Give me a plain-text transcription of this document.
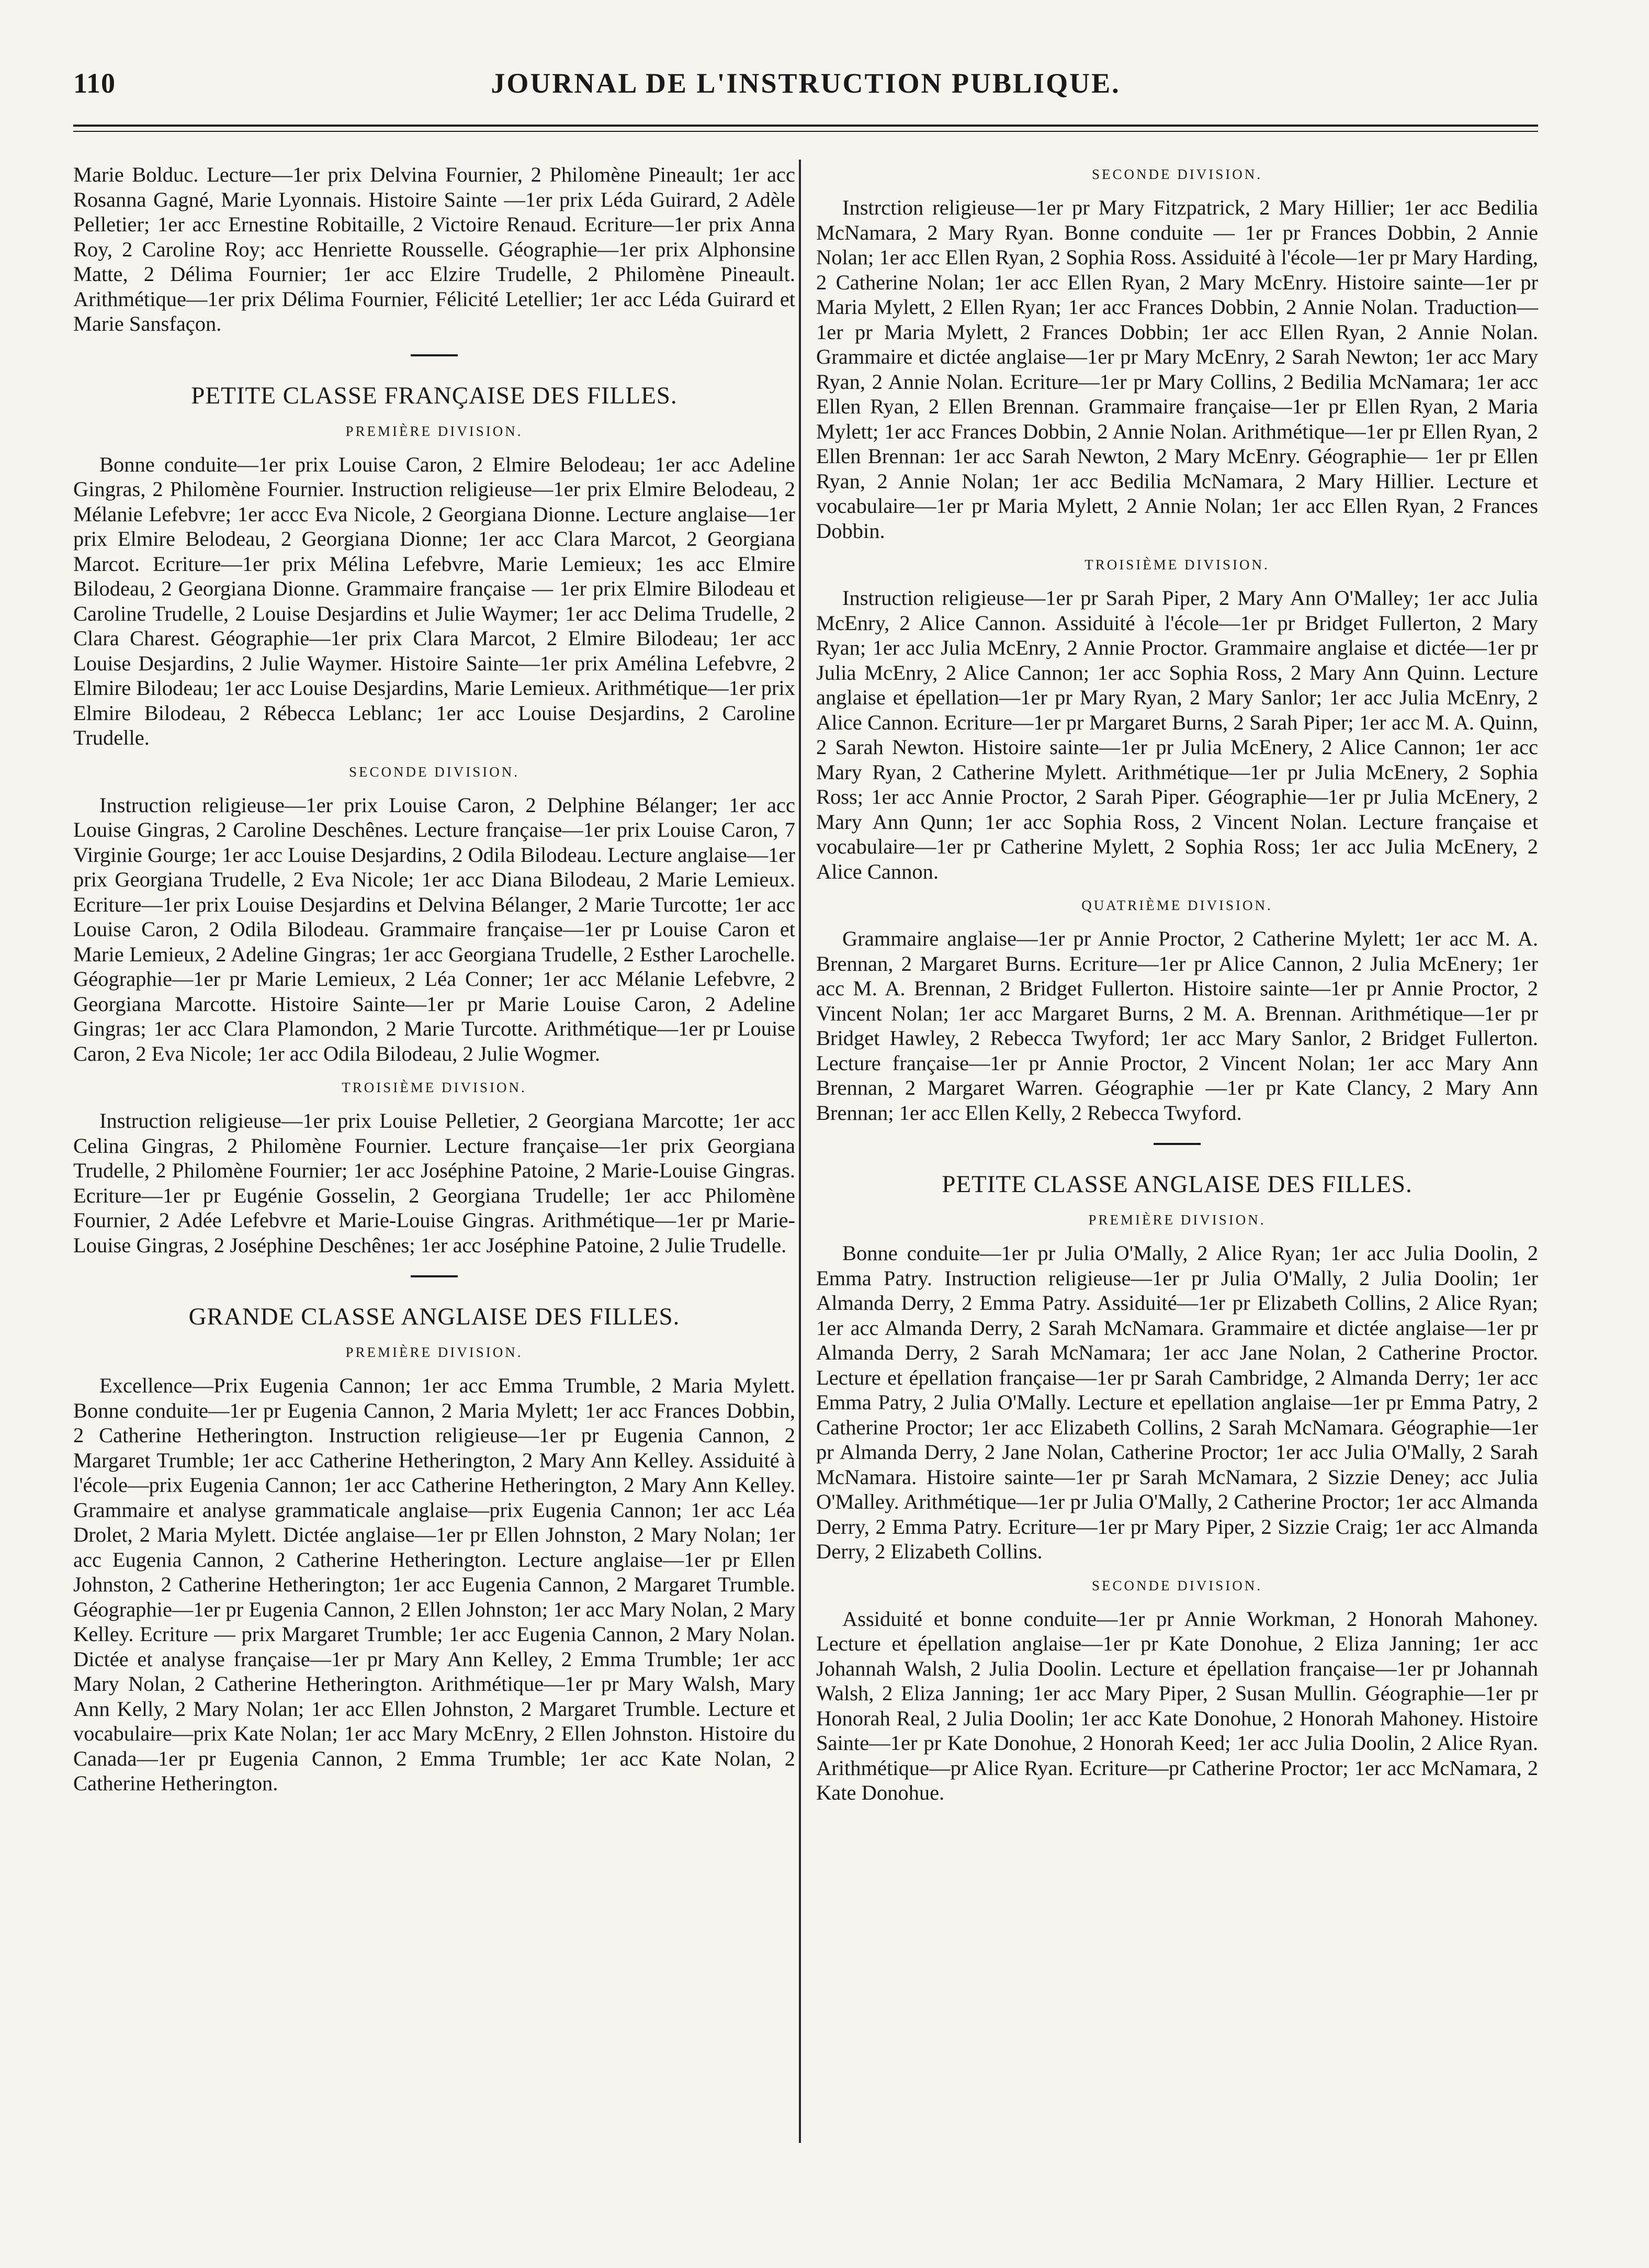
110	JOURNAL DE L'INSTRUCTION PUBLIQUE.

Marie Bolduc. Lecture—1er prix Delvina Fournier, 2 Philomène Pineault; 1er acc Rosanna Gagné, Marie Lyonnais. Histoire Sainte —1er prix Léda Guirard, 2 Adèle Pelletier; 1er acc Ernestine Robitaille, 2 Victoire Renaud. Ecriture—1er prix Anna Roy, 2 Caroline Roy; acc Henriette Rousselle. Géographie—1er prix Alphonsine Matte, 2 Délima Fournier; 1er acc Elzire Trudelle, 2 Philomène Pineault. Arithmétique—1er prix Délima Fournier, Félicité Letellier; 1er acc Léda Guirard et Marie Sansfaçon.

PETITE CLASSE FRANÇAISE DES FILLES.
PREMIÈRE DIVISION.

Bonne conduite—1er prix Louise Caron, 2 Elmire Belodeau; 1er acc Adeline Gingras, 2 Philomène Fournier. Instruction religieuse—1er prix Elmire Belodeau, 2 Mélanie Lefebvre; 1er accc Eva Nicole, 2 Georgiana Dionne. Lecture anglaise—1er prix Elmire Belodeau, 2 Georgiana Dionne; 1er acc Clara Marcot, 2 Georgiana Marcot. Ecriture—1er prix Mélina Lefebvre, Marie Lemieux; 1es acc Elmire Bilodeau, 2 Georgiana Dionne. Grammaire française — 1er prix Elmire Bilodeau et Caroline Trudelle, 2 Louise Desjardins et Julie Waymer; 1er acc Delima Trudelle, 2 Clara Charest. Géographie—1er prix Clara Marcot, 2 Elmire Bilodeau; 1er acc Louise Desjardins, 2 Julie Waymer. Histoire Sainte—1er prix Amélina Lefebvre, 2 Elmire Bilodeau; 1er acc Louise Desjardins, Marie Lemieux. Arithmétique—1er prix Elmire Bilodeau, 2 Rébecca Leblanc; 1er acc Louise Desjardins, 2 Caroline Trudelle.

SECONDE DIVISION.

Instruction religieuse—1er prix Louise Caron, 2 Delphine Bélanger; 1er acc Louise Gingras, 2 Caroline Deschênes. Lecture française—1er prix Louise Caron, 7 Virginie Gourge; 1er acc Louise Desjardins, 2 Odila Bilodeau. Lecture anglaise—1er prix Georgiana Trudelle, 2 Eva Nicole; 1er acc Diana Bilodeau, 2 Marie Lemieux. Ecriture—1er prix Louise Desjardins et Delvina Bélanger, 2 Marie Turcotte; 1er acc Louise Caron, 2 Odila Bilodeau. Grammaire française—1er pr Louise Caron et Marie Lemieux, 2 Adeline Gingras; 1er acc Georgiana Trudelle, 2 Esther Larochelle. Géographie—1er pr Marie Lemieux, 2 Léa Conner; 1er acc Mélanie Lefebvre, 2 Georgiana Marcotte. Histoire Sainte—1er pr Marie Louise Caron, 2 Adeline Gingras; 1er acc Clara Plamondon, 2 Marie Turcotte. Arithmétique—1er pr Louise Caron, 2 Eva Nicole; 1er acc Odila Bilodeau, 2 Julie Wogmer.

TROISIÈME DIVISION.

Instruction religieuse—1er prix Louise Pelletier, 2 Georgiana Marcotte; 1er acc Celina Gingras, 2 Philomène Fournier. Lecture française—1er prix Georgiana Trudelle, 2 Philomène Fournier; 1er acc Joséphine Patoine, 2 Marie-Louise Gingras. Ecriture—1er pr Eugénie Gosselin, 2 Georgiana Trudelle; 1er acc Philomène Fournier, 2 Adée Lefebvre et Marie-Louise Gingras. Arithmétique—1er pr Marie-Louise Gingras, 2 Joséphine Deschênes; 1er acc Joséphine Patoine, 2 Julie Trudelle.

GRANDE CLASSE ANGLAISE DES FILLES.
PREMIÈRE DIVISION.

Excellence—Prix Eugenia Cannon; 1er acc Emma Trumble, 2 Maria Mylett. Bonne conduite—1er pr Eugenia Cannon, 2 Maria Mylett; 1er acc Frances Dobbin, 2 Catherine Hetherington. Instruction religieuse—1er pr Eugenia Cannon, 2 Margaret Trumble; 1er acc Catherine Hetherington, 2 Mary Ann Kelley. Assiduité à l'école—prix Eugenia Cannon; 1er acc Catherine Hetherington, 2 Mary Ann Kelley. Grammaire et analyse grammaticale anglaise—prix Eugenia Cannon; 1er acc Léa Drolet, 2 Maria Mylett. Dictée anglaise—1er pr Ellen Johnston, 2 Mary Nolan; 1er acc Eugenia Cannon, 2 Catherine Hetherington. Lecture anglaise—1er pr Ellen Johnston, 2 Catherine Hetherington; 1er acc Eugenia Cannon, 2 Margaret Trumble. Géographie—1er pr Eugenia Cannon, 2 Ellen Johnston; 1er acc Mary Nolan, 2 Mary Kelley. Ecriture — prix Margaret Trumble; 1er acc Eugenia Cannon, 2 Mary Nolan. Dictée et analyse française—1er pr Mary Ann Kelley, 2 Emma Trumble; 1er acc Mary Nolan, 2 Catherine Hetherington. Arithmétique—1er pr Mary Walsh, Mary Ann Kelly, 2 Mary Nolan; 1er acc Ellen Johnston, 2 Margaret Trumble. Lecture et vocabulaire—prix Kate Nolan; 1er acc Mary McEnry, 2 Ellen Johnston. Histoire du Canada—1er pr Eugenia Cannon, 2 Emma Trumble; 1er acc Kate Nolan, 2 Catherine Hetherington.

SECONDE DIVISION.

Instrction religieuse—1er pr Mary Fitzpatrick, 2 Mary Hillier; 1er acc Bedilia McNamara, 2 Mary Ryan. Bonne conduite — 1er pr Frances Dobbin, 2 Annie Nolan; 1er acc Ellen Ryan, 2 Sophia Ross. Assiduité à l'école—1er pr Mary Harding, 2 Catherine Nolan; 1er acc Ellen Ryan, 2 Mary McEnry. Histoire sainte—1er pr Maria Mylett, 2 Ellen Ryan; 1er acc Frances Dobbin, 2 Annie Nolan. Traduction—1er pr Maria Mylett, 2 Frances Dobbin; 1er acc Ellen Ryan, 2 Annie Nolan. Grammaire et dictée anglaise—1er pr Mary McEnry, 2 Sarah Newton; 1er acc Mary Ryan, 2 Annie Nolan. Ecriture—1er pr Mary Collins, 2 Bedilia McNamara; 1er acc Ellen Ryan, 2 Ellen Brennan. Grammaire française—1er pr Ellen Ryan, 2 Maria Mylett; 1er acc Frances Dobbin, 2 Annie Nolan. Arithmétique—1er pr Ellen Ryan, 2 Ellen Brennan: 1er acc Sarah Newton, 2 Mary McEnry. Géographie— 1er pr Ellen Ryan, 2 Annie Nolan; 1er acc Bedilia McNamara, 2 Mary Hillier. Lecture et vocabulaire—1er pr Maria Mylett, 2 Annie Nolan; 1er acc Ellen Ryan, 2 Frances Dobbin.

TROISIÈME DIVISION.

Instruction religieuse—1er pr Sarah Piper, 2 Mary Ann O'Malley; 1er acc Julia McEnry, 2 Alice Cannon. Assiduité à l'école—1er pr Bridget Fullerton, 2 Mary Ryan; 1er acc Julia McEnry, 2 Annie Proctor. Grammaire anglaise et dictée—1er pr Julia McEnry, 2 Alice Cannon; 1er acc Sophia Ross, 2 Mary Ann Quinn. Lecture anglaise et épellation—1er pr Mary Ryan, 2 Mary Sanlor; 1er acc Julia McEnry, 2 Alice Cannon. Ecriture—1er pr Margaret Burns, 2 Sarah Piper; 1er acc M. A. Quinn, 2 Sarah Newton. Histoire sainte—1er pr Julia McEnery, 2 Alice Cannon; 1er acc Mary Ryan, 2 Catherine Mylett. Arithmétique—1er pr Julia McEnery, 2 Sophia Ross; 1er acc Annie Proctor, 2 Sarah Piper. Géographie—1er pr Julia McEnery, 2 Mary Ann Qunn; 1er acc Sophia Ross, 2 Vincent Nolan. Lecture française et vocabulaire—1er pr Catherine Mylett, 2 Sophia Ross; 1er acc Julia McEnery, 2 Alice Cannon.

QUATRIÈME DIVISION.

Grammaire anglaise—1er pr Annie Proctor, 2 Catherine Mylett; 1er acc M. A. Brennan, 2 Margaret Burns. Ecriture—1er pr Alice Cannon, 2 Julia McEnery; 1er acc M. A. Brennan, 2 Bridget Fullerton. Histoire sainte—1er pr Annie Proctor, 2 Vincent Nolan; 1er acc Margaret Burns, 2 M. A. Brennan. Arithmétique—1er pr Bridget Hawley, 2 Rebecca Twyford; 1er acc Mary Sanlor, 2 Bridget Fullerton. Lecture française—1er pr Annie Proctor, 2 Vincent Nolan; 1er acc Mary Ann Brennan, 2 Margaret Warren. Géographie —1er pr Kate Clancy, 2 Mary Ann Brennan; 1er acc Ellen Kelly, 2 Rebecca Twyford.

PETITE CLASSE ANGLAISE DES FILLES.
PREMIÈRE DIVISION.

Bonne conduite—1er pr Julia O'Mally, 2 Alice Ryan; 1er acc Julia Doolin, 2 Emma Patry. Instruction religieuse—1er pr Julia O'Mally, 2 Julia Doolin; 1er Almanda Derry, 2 Emma Patry. Assiduité—1er pr Elizabeth Collins, 2 Alice Ryan; 1er acc Almanda Derry, 2 Sarah McNamara. Grammaire et dictée anglaise—1er pr Almanda Derry, 2 Sarah McNamara; 1er acc Jane Nolan, 2 Catherine Proctor. Lecture et épellation française—1er pr Sarah Cambridge, 2 Almanda Derry; 1er acc Emma Patry, 2 Julia O'Mally. Lecture et epellation anglaise—1er pr Emma Patry, 2 Catherine Proctor; 1er acc Elizabeth Collins, 2 Sarah McNamara. Géographie—1er pr Almanda Derry, 2 Jane Nolan, Catherine Proctor; 1er acc Julia O'Mally, 2 Sarah McNamara. Histoire sainte—1er pr Sarah McNamara, 2 Sizzie Deney; acc Julia O'Malley. Arithmétique—1er pr Julia O'Mally, 2 Catherine Proctor; 1er acc Almanda Derry, 2 Emma Patry. Ecriture—1er pr Mary Piper, 2 Sizzie Craig; 1er acc Almanda Derry, 2 Elizabeth Collins.

SECONDE DIVISION.

Assiduité et bonne conduite—1er pr Annie Workman, 2 Honorah Mahoney. Lecture et épellation anglaise—1er pr Kate Donohue, 2 Eliza Janning; 1er acc Johannah Walsh, 2 Julia Doolin. Lecture et épellation française—1er pr Johannah Walsh, 2 Eliza Janning; 1er acc Mary Piper, 2 Susan Mullin. Géographie—1er pr Honorah Real, 2 Julia Doolin; 1er acc Kate Donohue, 2 Honorah Mahoney. Histoire Sainte—1er pr Kate Donohue, 2 Honorah Keed; 1er acc Julia Doolin, 2 Alice Ryan. Arithmétique—pr Alice Ryan. Ecriture—pr Catherine Proctor; 1er acc McNamara, 2 Kate Donohue.
